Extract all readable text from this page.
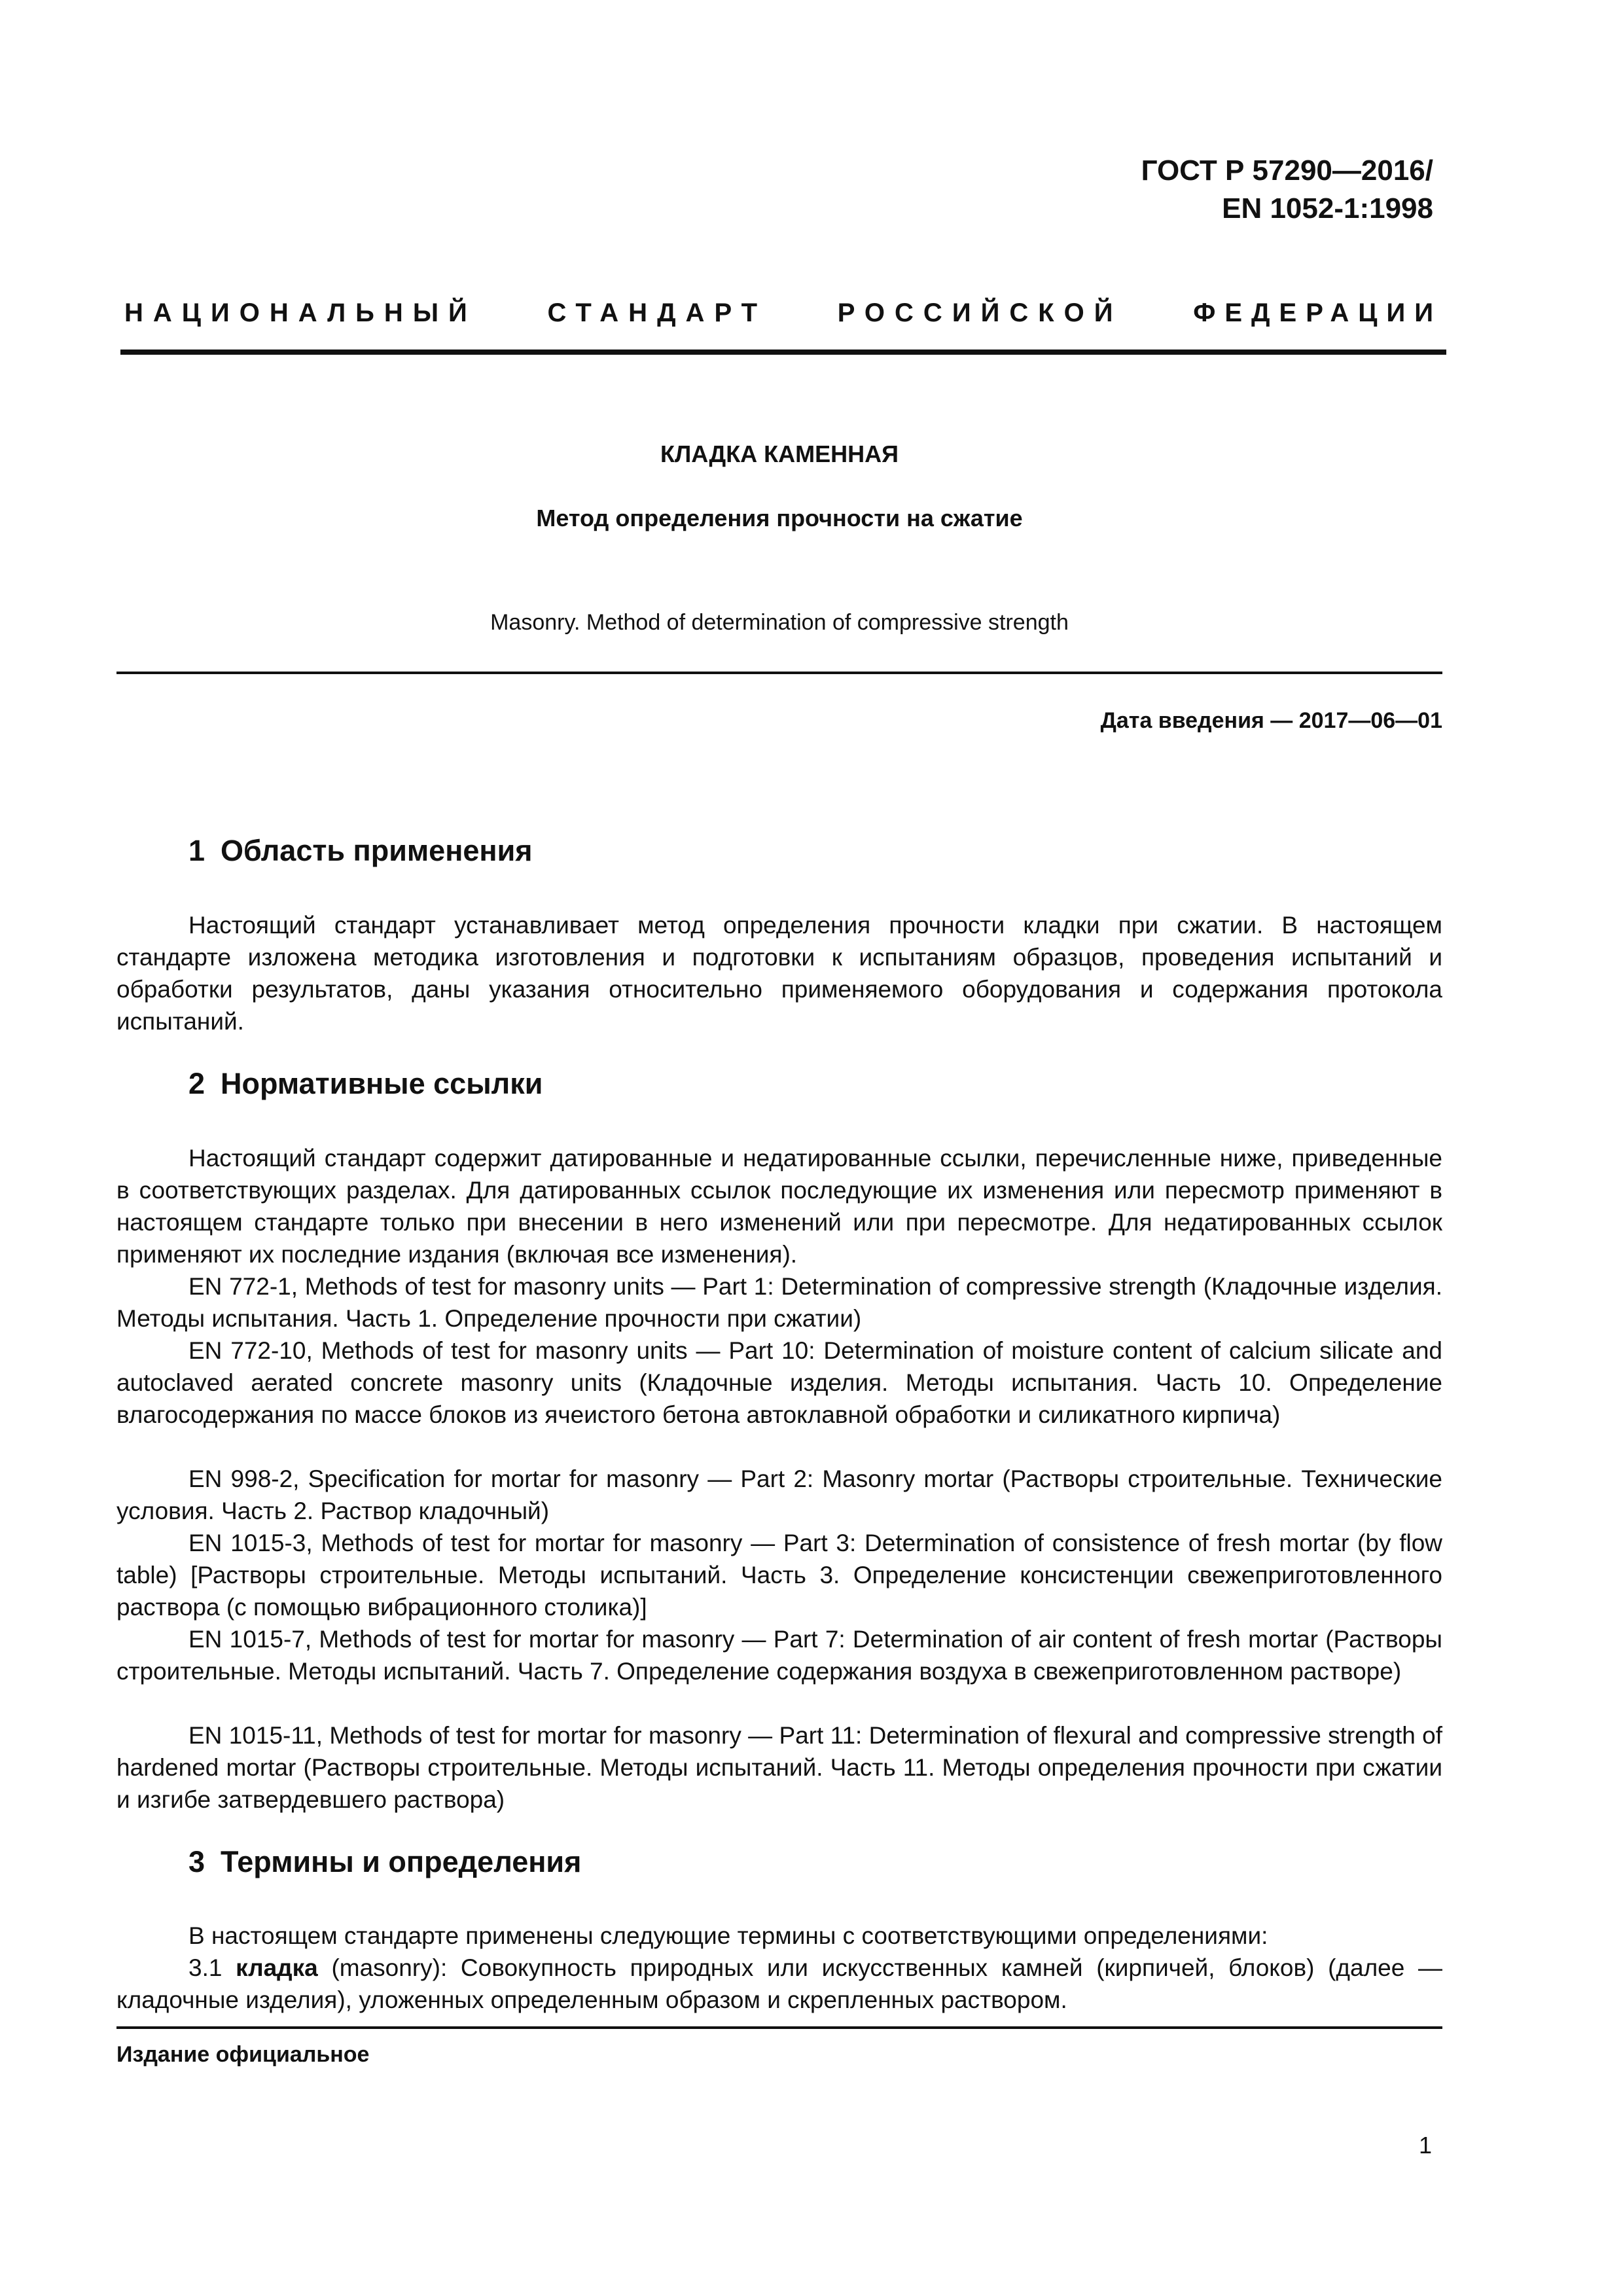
ГОСТ Р 57290—2016/
EN 1052-1:1998
НАЦИОНАЛЬНЫЙ	СТАНДАРТ	РОССИЙСКОЙ	ФЕДЕРАЦИИ
КЛАДКА КАМЕННАЯ
Метод определения прочности на сжатие
Masonry. Method of determination of compressive strength
Дата введения — 2017—06—01
1 Область применения

Настоящий стандарт устанавливает метод определения прочности кладки при сжатии. В настоящем стандарте изложена методика изготовления и подготовки к испытаниям образцов, проведения испытаний и обработки результатов, даны указания относительно применяемого оборудования и содержания протокола испытаний.

2 Нормативные ссылки

Настоящий стандарт содержит датированные и недатированные ссылки, перечисленные ниже, приведенные в соответствующих разделах. Для датированных ссылок последующие их изменения или пересмотр применяют в настоящем стандарте только при внесении в него изменений или при пересмотре. Для недатированных ссылок применяют их последние издания (включая все изменения).

EN 772-1, Methods of test for masonry units — Part 1: Determination of compressive strength (Кладочные изделия. Методы испытания. Часть 1. Определение прочности при сжатии)

EN 772-10, Methods of test for masonry units — Part 10: Determination of moisture content of calcium silicate and autoclaved aerated concrete masonry units (Кладочные изделия. Методы испытания. Часть 10. Определение влагосодержания по массе блоков из ячеистого бетона автоклавной обработки и силикатного кирпича)

EN 998-2, Specification for mortar for masonry — Part 2: Masonry mortar (Растворы строительные. Технические условия. Часть 2. Раствор кладочный)

EN 1015-3, Methods of test for mortar for masonry — Part 3: Determination of consistence of fresh mortar (by flow table) [Растворы строительные. Методы испытаний. Часть 3. Определение консистенции свежеприготовленного раствора (с помощью вибрационного столика)]

EN 1015-7, Methods of test for mortar for masonry — Part 7: Determination of air content of fresh mortar (Растворы строительные. Методы испытаний. Часть 7. Определение содержания воздуха в свежеприготовленном растворе)

EN 1015-11, Methods of test for mortar for masonry — Part 11: Determination of flexural and compressive strength of hardened mortar (Растворы строительные. Методы испытаний. Часть 11. Методы определения прочности при сжатии и изгибе затвердевшего раствора)

3 Термины и определения

В настоящем стандарте применены следующие термины с соответствующими определениями:

3.1 кладка (masonry): Совокупность природных или искусственных камней (кирпичей, блоков) (далее — кладочные изделия), уложенных определенным образом и скрепленных раствором.

Издание официальное
1
